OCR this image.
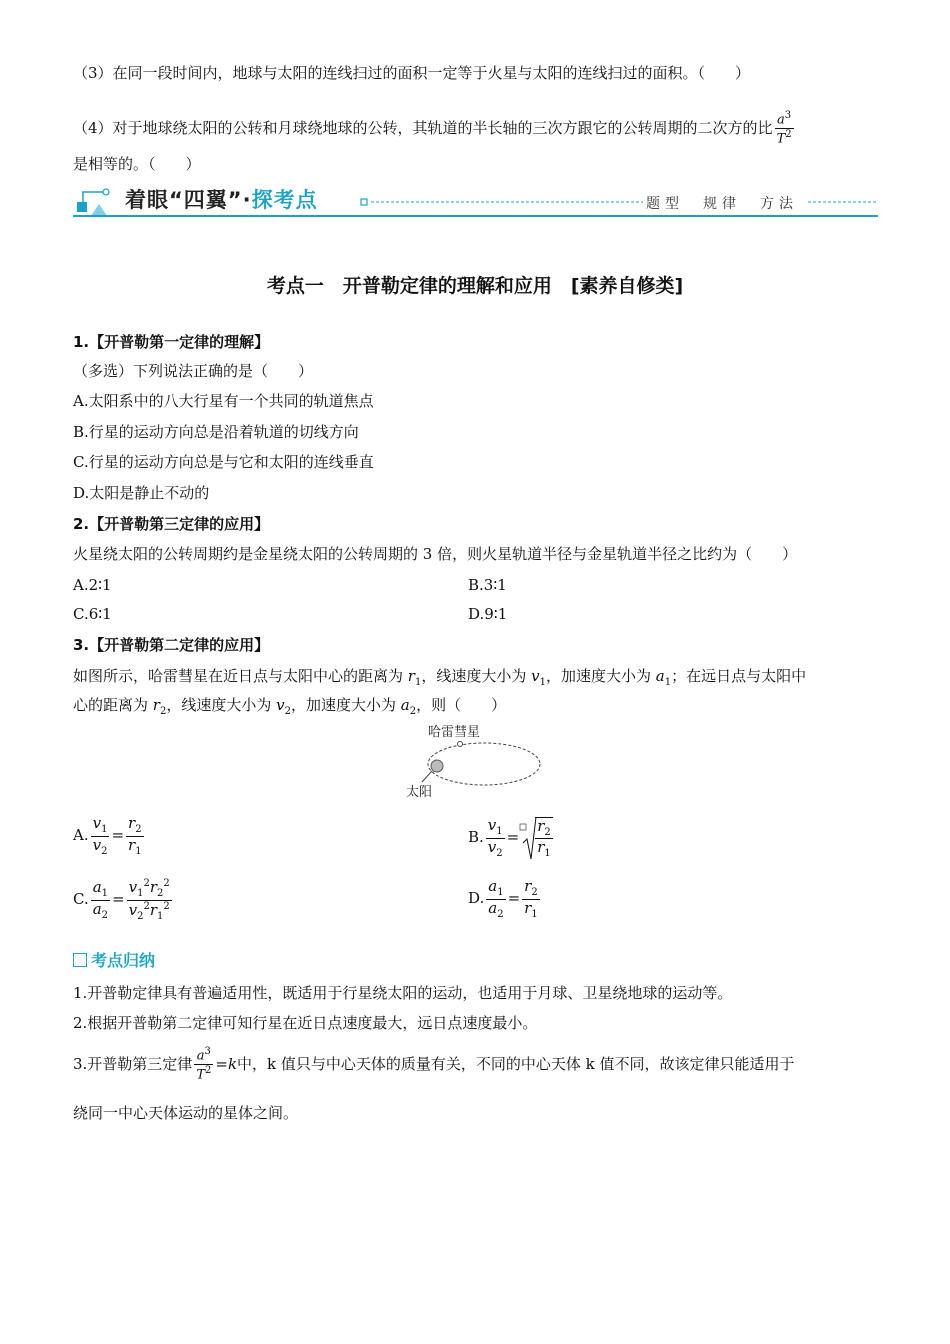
（3）在同一段时间内，地球与太阳的连线扫过的面积一定等于火星与太阳的连线扫过的面积。（　　）
（4）对于地球绕太阳的公转和月球绕地球的公转，其轨道的半长轴的三次方跟它的公转周期的二次方的比 $\frac{a^3}{T^2}$
是相等的。（　　）
着眼“四翼”·探考点	题型　规律　方法
考点一　开普勒定律的理解和应用　[素养自修类]
1.【开普勒第一定律的理解】
（多选）下列说法正确的是（　　）
A.太阳系中的八大行星有一个共同的轨道焦点
B.行星的运动方向总是沿着轨道的切线方向
C.行星的运动方向总是与它和太阳的连线垂直
D.太阳是静止不动的
2.【开普勒第三定律的应用】
火星绕太阳的公转周期约是金星绕太阳的公转周期的 3 倍，则火星轨道半径与金星轨道半径之比约为（　　）
A.2∶1	B.3∶1
C.6∶1	D.9∶1
3.【开普勒第二定律的应用】
如图所示，哈雷彗星在近日点与太阳中心的距离为 $r_1$，线速度大小为 $v_1$，加速度大小为 $a_1$；在远日点与太阳中
心的距离为 $r_2$，线速度大小为 $v_2$，加速度大小为 $a_2$，则（　　）
哈雷彗星
太阳
A. $\frac{v_1}{v_2} = \frac{r_2}{r_1}$	B. $\frac{v_1}{v_2} = \frac{r_2}{r_1}$
C. $\frac{a_1}{a_2} = \frac{v_1^2r_2^2}{v_2^2r_1^2}$	D. $\frac{a_1}{a_2} = \frac{r_2}{r_1}$
考点归纳
1.开普勒定律具有普遍适用性，既适用于行星绕太阳的运动，也适用于月球、卫星绕地球的运动等。
2.根据开普勒第二定律可知行星在近日点速度最大，远日点速度最小。
3.开普勒第三定律 $\frac{a^3}{T^2} =k$中，k 值只与中心天体的质量有关，不同的中心天体 k 值不同，故该定律只能适用于
绕同一中心天体运动的星体之间。
